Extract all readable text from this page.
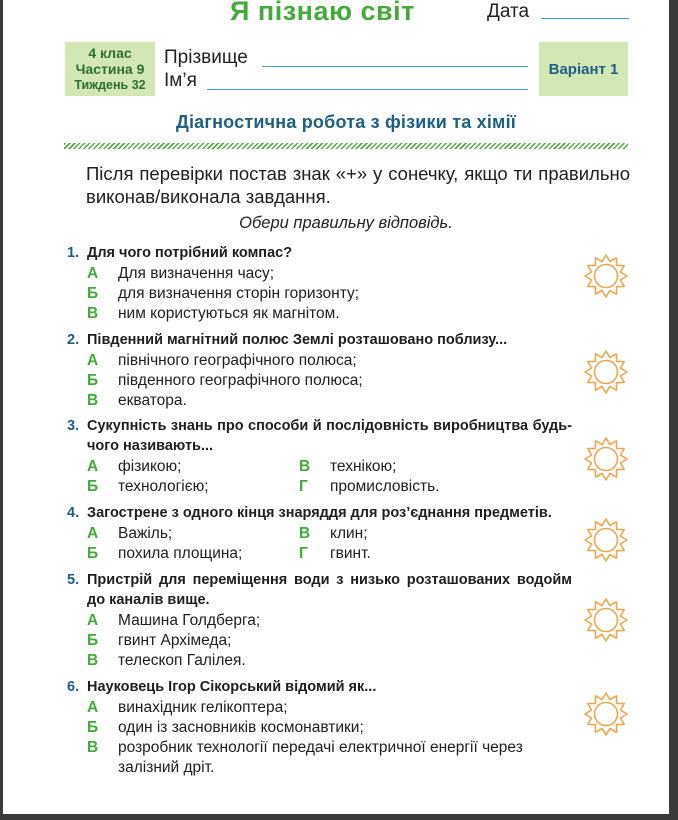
Я пізнаю світ	Дата
4 клас
Частина 9
Тиждень 32
Прізвище
Ім’я
Варіант 1
Діагностична робота з фізики та хімії
Після перевірки постав знак «+» у сонечку, якщо ти правильно виконав/виконала завдання.
Обери правильну відповідь.
1. Для чого потрібний компас?
А	Для визначення часу;
Б	для визначення сторін горизонту;
В	ним користуються як магнітом.
2. Південний магнітний полюс Землі розташовано поблизу...
А	північного географічного полюса;
Б	південного географічного полюса;
В	екватора.
3. Сукупність знань про способи й послідовність виробництва будь-чого називають...
А	фізикою;	В	технікою;
Б	технологією;	Г	промисловість.
4. Загострене з одного кінця знаряддя для роз’єднання предметів.
А	Важіль;	В	клин;
Б	похила площина;	Г	гвинт.
5. Пристрій для переміщення води з низько розташованих водойм до каналів вище.
А	Машина Голдберга;
Б	гвинт Архімеда;
В	телескоп Галілея.
6. Науковець Ігор Сікорський відомий як...
А	винахідник гелікоптера;
Б	один із засновників космонавтики;
В	розробник технології передачі електричної енергії через залізний дріт.
